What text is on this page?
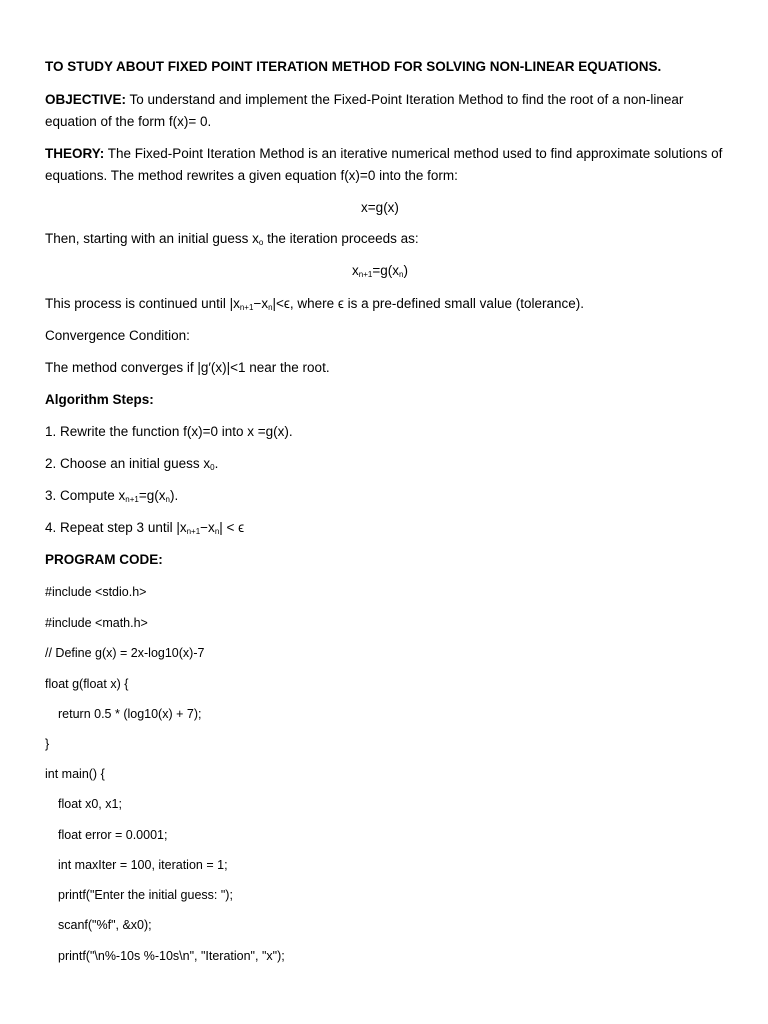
TO STUDY ABOUT FIXED POINT ITERATION METHOD FOR SOLVING NON-LINEAR EQUATIONS.
OBJECTIVE: To understand and implement the Fixed-Point Iteration Method to find the root of a non-linear equation of the form f(x)= 0.
THEORY: The Fixed-Point Iteration Method is an iterative numerical method used to find approximate solutions of equations. The method rewrites a given equation f(x)=0 into the form:
x=g(x)
Then, starting with an initial guess $x_o$ the iteration proceeds as:
$x_{n+1}=g(x_n)$
This process is continued until $|x_{n+1}-x_n|<\epsilon$, where ϵ is a pre-defined small value (tolerance).
Convergence Condition:
The method converges if |g′(x)|<1 near the root.
Algorithm Steps:
1. Rewrite the function f(x)=0 into x =g(x).
2. Choose an initial guess $x_0$.
3. Compute $x_{n+1}=g(x_n)$.
4. Repeat step 3 until $|x_{n+1}-x_n| < \epsilon$
PROGRAM CODE:
#include <stdio.h>
#include <math.h>
// Define g(x) = 2x-log10(x)-7
float g(float x) {
return 0.5 * (log10(x) + 7);
}
int main() {
float x0, x1;
float error = 0.0001;
int maxIter = 100, iteration = 1;
printf("Enter the initial guess: ");
scanf("%f", &x0);
printf("\n%-10s %-10s\n", "Iteration", "x");
